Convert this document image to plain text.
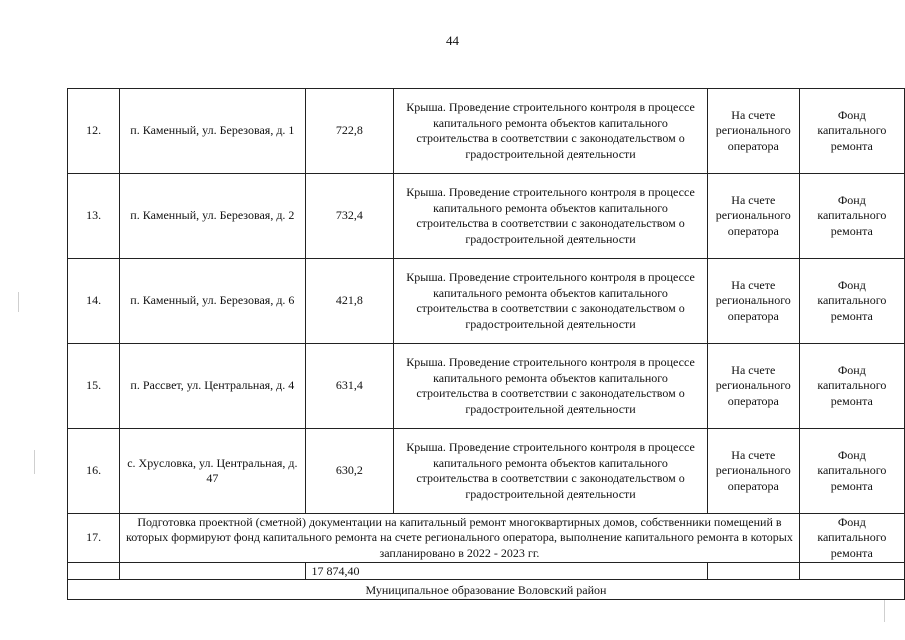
44
12.	п. Каменный, ул. Березовая, д. 1	722,8	Крыша. Проведение строительного контроля в процессе капитального ремонта объектов капитального строительства в соответствии с законодательством о градостроительной деятельности	На счете регионального оператора	Фонд капитального ремонта
13.	п. Каменный, ул. Березовая, д. 2	732,4	Крыша. Проведение строительного контроля в процессе капитального ремонта объектов капитального строительства в соответствии с законодательством о градостроительной деятельности	На счете регионального оператора	Фонд капитального ремонта
14.	п. Каменный, ул. Березовая, д. 6	421,8	Крыша. Проведение строительного контроля в процессе капитального ремонта объектов капитального строительства в соответствии с законодательством о градостроительной деятельности	На счете регионального оператора	Фонд капитального ремонта
15.	п. Рассвет, ул. Центральная, д. 4	631,4	Крыша. Проведение строительного контроля в процессе капитального ремонта объектов капитального строительства в соответствии с законодательством о градостроительной деятельности	На счете регионального оператора	Фонд капитального ремонта
16.	с. Хрусловка, ул. Центральная, д. 47	630,2	Крыша. Проведение строительного контроля в процессе капитального ремонта объектов капитального строительства в соответствии с законодательством о градостроительной деятельности	На счете регионального оператора	Фонд капитального ремонта
17.	Подготовка проектной (сметной) документации на капитальный ремонт многоквартирных домов, собственники помещений в которых формируют фонд капитального ремонта на счете регионального оператора, выполнение капитального ремонта в которых запланировано в 2022 - 2023 гг.				Фонд капитального ремонта
		17 874,40			
Муниципальное образование Воловский район					
